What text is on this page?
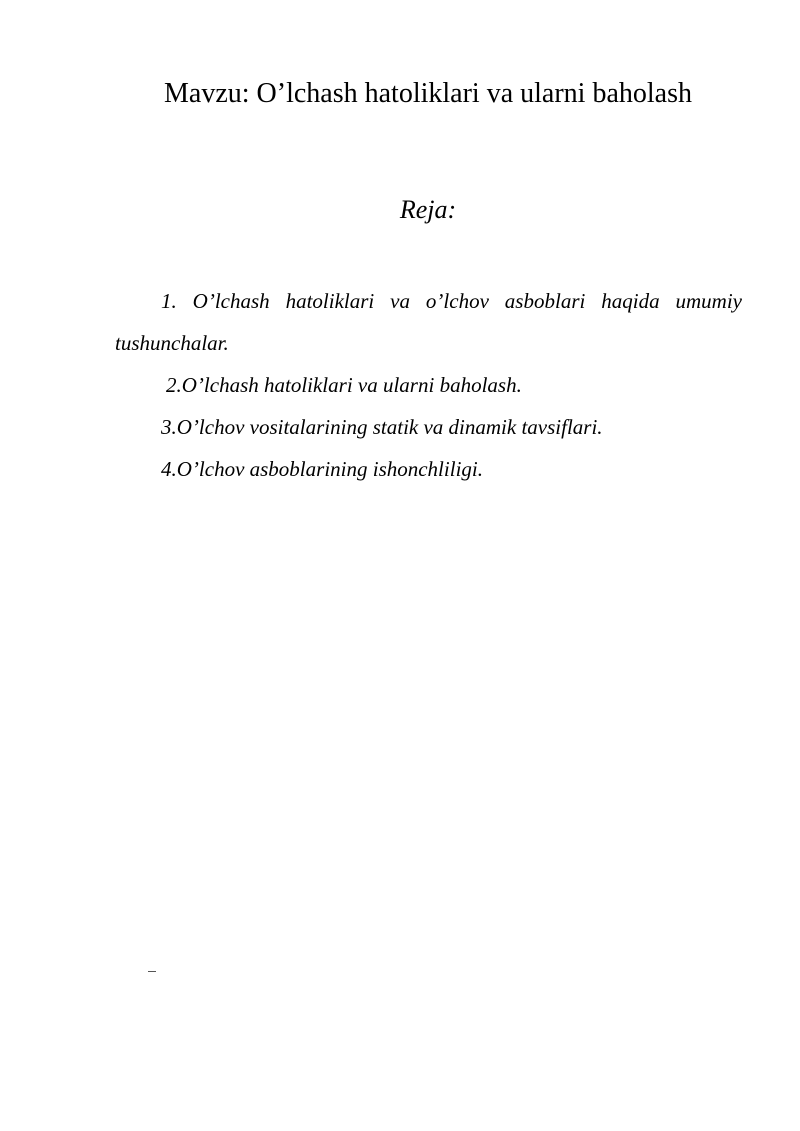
Mavzu: O’lchash hatoliklari va ularni baholash
Reja:

1. O’lchash hatoliklari va o’lchov asboblari haqida umumiy tushunchalar.

2.O’lchash hatoliklari va ularni baholash.

3.O’lchov vositalarining statik va dinamik tavsiflari.

4.O’lchov asboblarining ishonchliligi.
